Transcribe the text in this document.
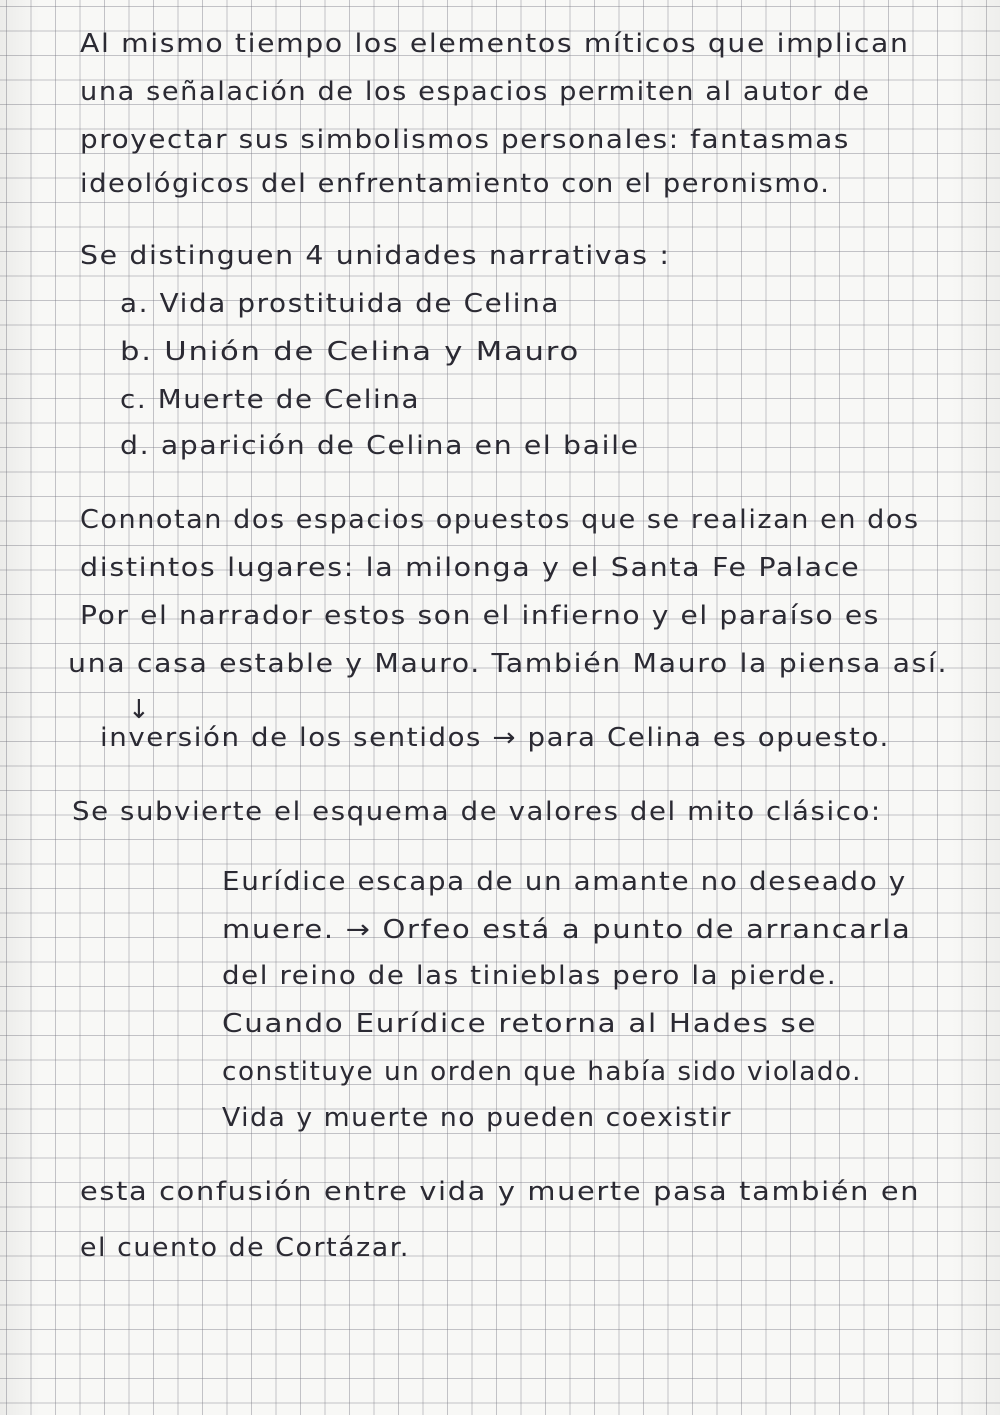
Al mismo tiempo los elementos míticos que implican

una señalación de los espacios permiten al autor de

proyectar sus simbolismos personales: fantasmas

ideológicos del enfrentamiento con el peronismo.

Se distinguen 4 unidades narrativas :

a. Vida prostituida de Celina

b. Unión de Celina y Mauro

c. Muerte de Celina

d. aparición de Celina en el baile

Connotan dos espacios opuestos que se realizan en dos

distintos lugares: la milonga y el Santa Fe Palace

Por el narrador estos son el infierno y el paraíso es

una casa estable y Mauro. También Mauro la piensa así.

↓

inversión de los sentidos → para Celina es opuesto.

Se subvierte el esquema de valores del mito clásico:

Eurídice escapa de un amante no deseado y

muere. → Orfeo está a punto de arrancarla

del reino de las tinieblas pero la pierde.

Cuando Eurídice retorna al Hades se

constituye un orden que había sido violado.

Vida y muerte no pueden coexistir

esta confusión entre vida y muerte pasa también en

el cuento de Cortázar.
